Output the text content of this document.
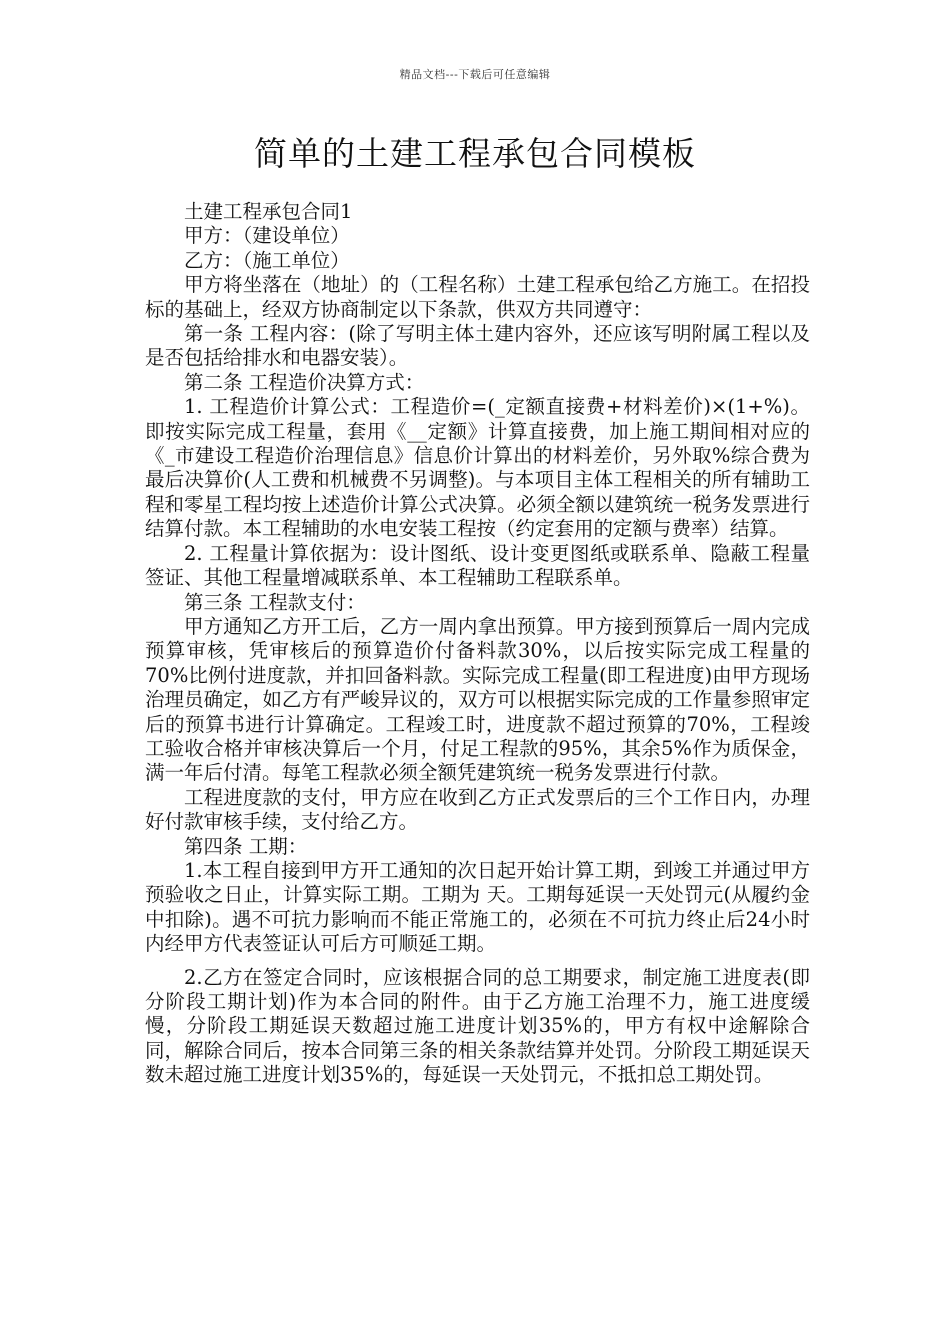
精品文档---下载后可任意编辑
简单的土建工程承包合同模板

土建工程承包合同1

甲方：（建设单位）

乙方：（施工单位）

甲方将坐落在（地址）的（工程名称）土建工程承包给乙方施工。在招投标的基础上，经双方协商制定以下条款，供双方共同遵守：

第一条 工程内容：(除了写明主体土建内容外，还应该写明附属工程以及是否包括给排水和电器安装）。

第二条 工程造价决算方式：

1. 工程造价计算公式：工程造价=(_定额直接费+材料差价)×(1+%)。即按实际完成工程量，套用《__定额》计算直接费，加上施工期间相对应的《_市建设工程造价治理信息》信息价计算出的材料差价，另外取%综合费为最后决算价(人工费和机械费不另调整)。与本项目主体工程相关的所有辅助工程和零星工程均按上述造价计算公式决算。必须全额以建筑统一税务发票进行结算付款。本工程辅助的水电安装工程按（约定套用的定额与费率）结算。

2. 工程量计算依据为：设计图纸、设计变更图纸或联系单、隐蔽工程量签证、其他工程量增减联系单、本工程辅助工程联系单。

第三条 工程款支付：

甲方通知乙方开工后，乙方一周内拿出预算。甲方接到预算后一周内完成预算审核，凭审核后的预算造价付备料款30%，以后按实际完成工程量的70%比例付进度款，并扣回备料款。实际完成工程量(即工程进度)由甲方现场治理员确定，如乙方有严峻异议的，双方可以根据实际完成的工作量参照审定后的预算书进行计算确定。工程竣工时，进度款不超过预算的70%，工程竣工验收合格并审核决算后一个月，付足工程款的95%，其余5%作为质保金，满一年后付清。每笔工程款必须全额凭建筑统一税务发票进行付款。

工程进度款的支付，甲方应在收到乙方正式发票后的三个工作日内，办理好付款审核手续，支付给乙方。

第四条 工期：

1.本工程自接到甲方开工通知的次日起开始计算工期，到竣工并通过甲方预验收之日止，计算实际工期。工期为 天。工期每延误一天处罚元(从履约金中扣除)。遇不可抗力影响而不能正常施工的，必须在不可抗力终止后24小时内经甲方代表签证认可后方可顺延工期。

2.乙方在签定合同时，应该根据合同的总工期要求，制定施工进度表(即分阶段工期计划)作为本合同的附件。由于乙方施工治理不力，施工进度缓慢，分阶段工期延误天数超过施工进度计划35%的，甲方有权中途解除合同，解除合同后，按本合同第三条的相关条款结算并处罚。分阶段工期延误天数未超过施工进度计划35%的，每延误一天处罚元，不抵扣总工期处罚。
